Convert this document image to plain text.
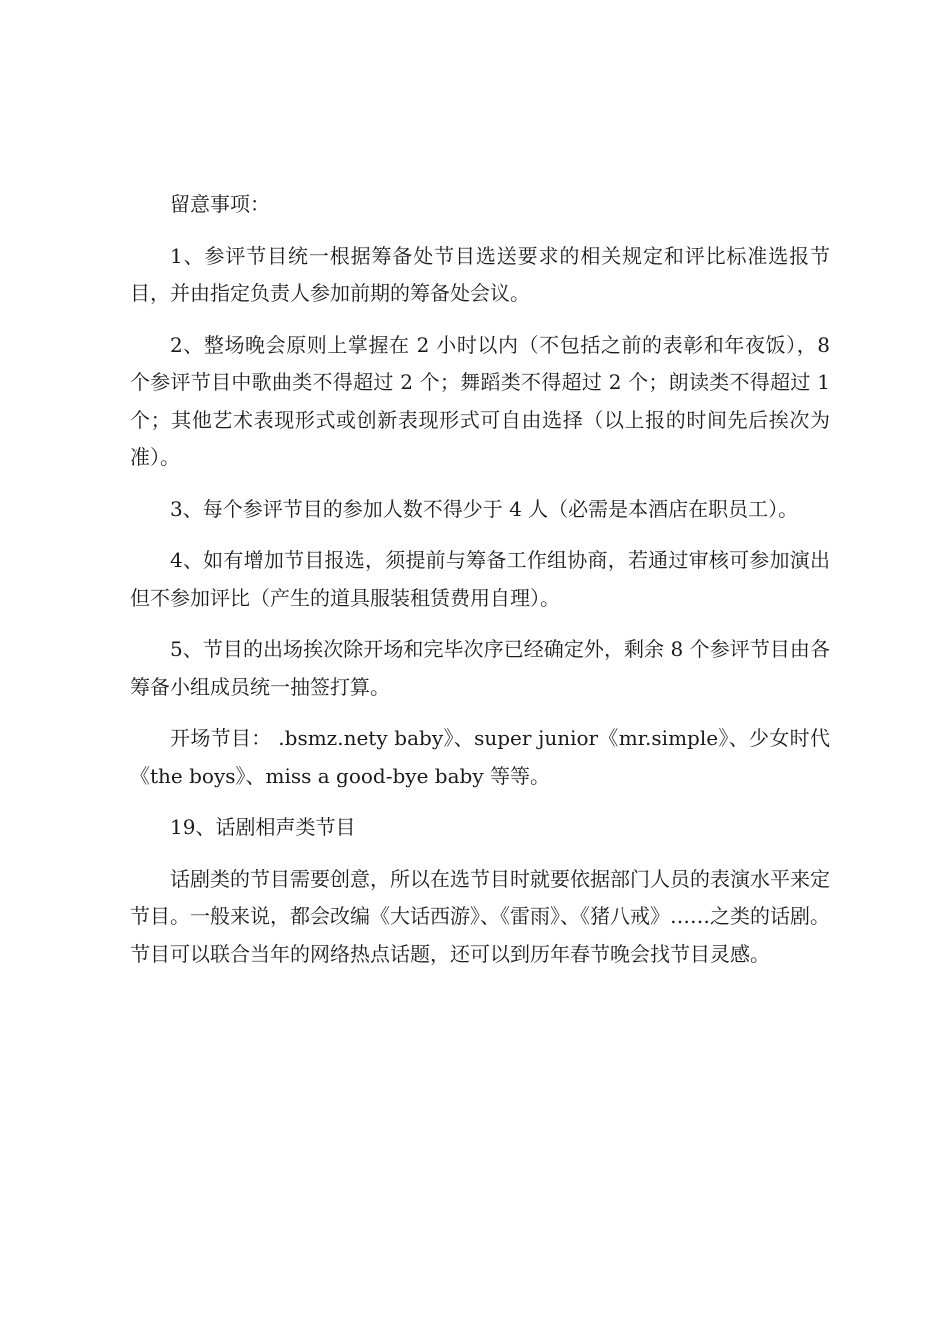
留意事项：

1、参评节目统一根据筹备处节目选送要求的相关规定和评比标准选报节目，并由指定负责人参加前期的筹备处会议。

2、整场晚会原则上掌握在 2 小时以内（不包括之前的表彰和年夜饭），8 个参评节目中歌曲类不得超过 2 个；舞蹈类不得超过 2 个；朗读类不得超过 1 个；其他艺术表现形式或创新表现形式可自由选择（以上报的时间先后挨次为准）。

3、每个参评节目的参加人数不得少于 4 人（必需是本酒店在职员工）。

4、如有增加节目报选，须提前与筹备工作组协商，若通过审核可参加演出但不参加评比（产生的道具服装租赁费用自理）。

5、节目的出场挨次除开场和完毕次序已经确定外，剩余 8 个参评节目由各筹备小组成员统一抽签打算。

开场节目： .bsmz.nety baby》、super junior《mr.simple》、少女时代《the boys》、miss a good-bye baby 等等。

19、话剧相声类节目

话剧类的节目需要创意，所以在选节目时就要依据部门人员的表演水平来定节目。一般来说，都会改编《大话西游》、《雷雨》、《猪八戒》……之类的话剧。节目可以联合当年的网络热点话题，还可以到历年春节晚会找节目灵感。
